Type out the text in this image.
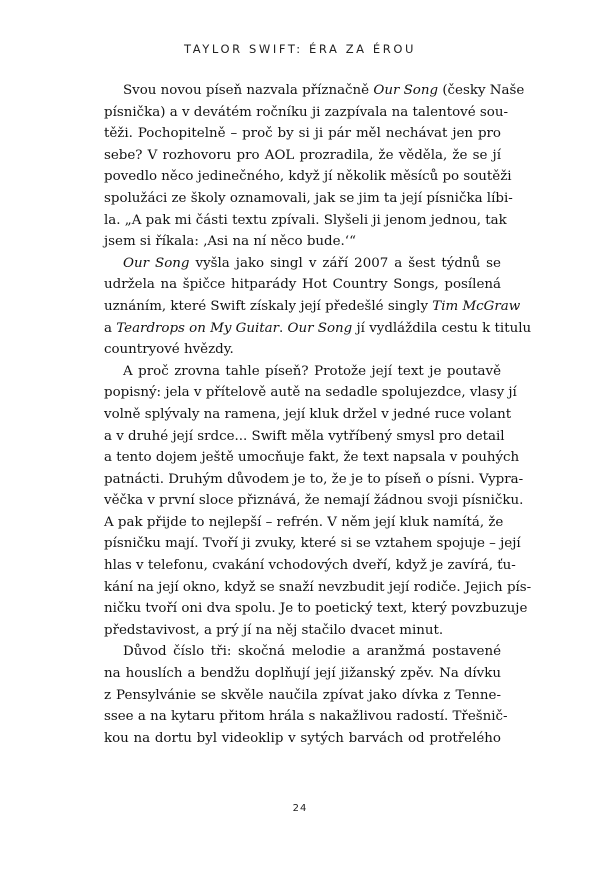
TAYLOR SWIFT: ÉRA ZA ÉROU

Svou novou píseň nazvala příznačně Our Song (česky Naše
písnička) a v devátém ročníku ji zazpívala na talentové sou-
těži. Pochopitelně – proč by si ji pár měl nechávat jen pro
sebe? V rozhovoru pro AOL prozradila, že věděla, že se jí
povedlo něco jedinečného, když jí několik měsíců po soutěži
spolužáci ze školy oznamovali, jak se jim ta její písnička líbi-
la. „A pak mi části textu zpívali. Slyšeli ji jenom jednou, tak
jsem si říkala: ‚Asi na ní něco bude.‘“

Our Song vyšla jako singl v září 2007 a šest týdnů se
udržela na špičce hitparády Hot Country Songs, posílená
uznáním, které Swift získaly její předešlé singly Tim McGraw
a Teardrops on My Guitar. Our Song jí vydláždila cestu k titulu
countryové hvězdy.

A proč zrovna tahle píseň? Protože její text je poutavě
popisný: jela v přítelově autě na sedadle spolujezdce, vlasy jí
volně splývaly na ramena, její kluk držel v jedné ruce volant
a v druhé její srdce... Swift měla vytříbený smysl pro detail
a tento dojem ještě umocňuje fakt, že text napsala v pouhých
patnácti. Druhým důvodem je to, že je to píseň o písni. Vypra-
věčka v první sloce přiznává, že nemají žádnou svoji písničku.
A pak přijde to nejlepší – refrén. V něm její kluk namítá, že
písničku mají. Tvoří ji zvuky, které si se vztahem spojuje – její
hlas v telefonu, cvakání vchodových dveří, když je zavírá, ťu-
kání na její okno, když se snaží nevzbudit její rodiče. Jejich pís-
ničku tvoří oni dva spolu. Je to poetický text, který povzbuzuje
představivost, a prý jí na něj stačilo dvacet minut.

Důvod číslo tři: skočná melodie a aranžmá postavené
na houslích a bendžu doplňují její jižanský zpěv. Na dívku
z Pensylvánie se skvěle naučila zpívat jako dívka z Tenne-
ssee a na kytaru přitom hrála s nakažlivou radostí. Třešnič-
kou na dortu byl videoklip v sytých barvách od protřelého

24
